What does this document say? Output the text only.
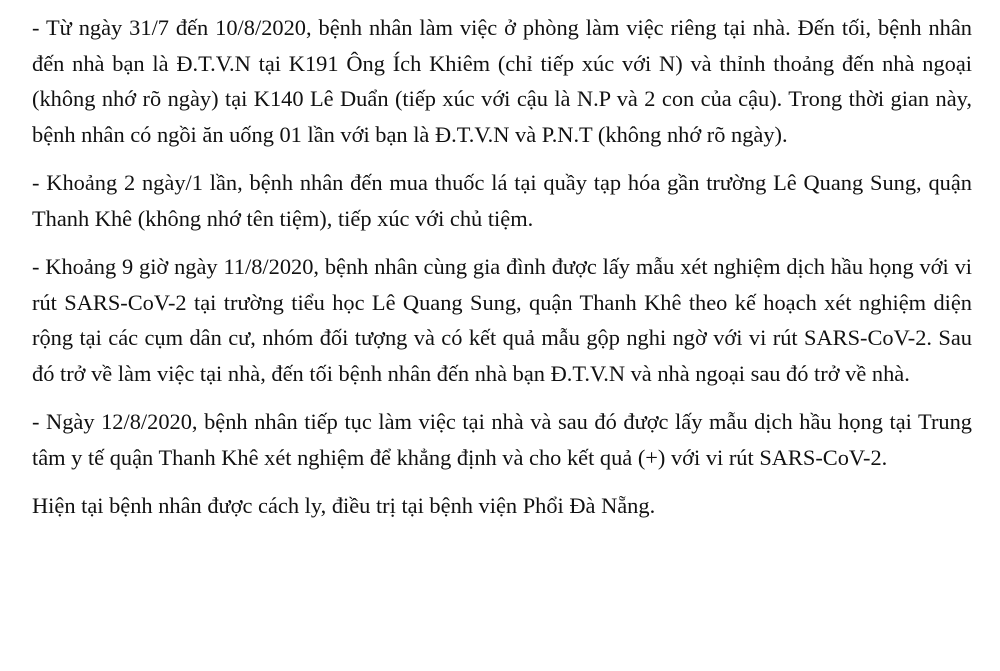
- Từ ngày 31/7 đến 10/8/2020, bệnh nhân làm việc ở phòng làm việc riêng tại nhà. Đến tối, bệnh nhân đến nhà bạn là Đ.T.V.N tại K191 Ông Ích Khiêm (chỉ tiếp xúc với N) và thỉnh thoảng đến nhà ngoại (không nhớ rõ ngày) tại K140 Lê Duẩn (tiếp xúc với cậu là N.P và 2 con của cậu). Trong thời gian này, bệnh nhân có ngồi ăn uống 01 lần với bạn là Đ.T.V.N và P.N.T (không nhớ rõ ngày).

- Khoảng 2 ngày/1 lần, bệnh nhân đến mua thuốc lá tại quầy tạp hóa gần trường Lê Quang Sung, quận Thanh Khê (không nhớ tên tiệm), tiếp xúc với chủ tiệm.

- Khoảng 9 giờ ngày 11/8/2020, bệnh nhân cùng gia đình được lấy mẫu xét nghiệm dịch hầu họng với vi rút SARS-CoV-2 tại trường tiểu học Lê Quang Sung, quận Thanh Khê theo kế hoạch xét nghiệm diện rộng tại các cụm dân cư, nhóm đối tượng và có kết quả mẫu gộp nghi ngờ với vi rút SARS-CoV-2. Sau đó trở về làm việc tại nhà, đến tối bệnh nhân đến nhà bạn Đ.T.V.N và nhà ngoại sau đó trở về nhà.

- Ngày 12/8/2020, bệnh nhân tiếp tục làm việc tại nhà và sau đó được lấy mẫu dịch hầu họng tại Trung tâm y tế quận Thanh Khê xét nghiệm để khẳng định và cho kết quả (+) với vi rút SARS-CoV-2.

Hiện tại bệnh nhân được cách ly, điều trị tại bệnh viện Phổi Đà Nẵng.
